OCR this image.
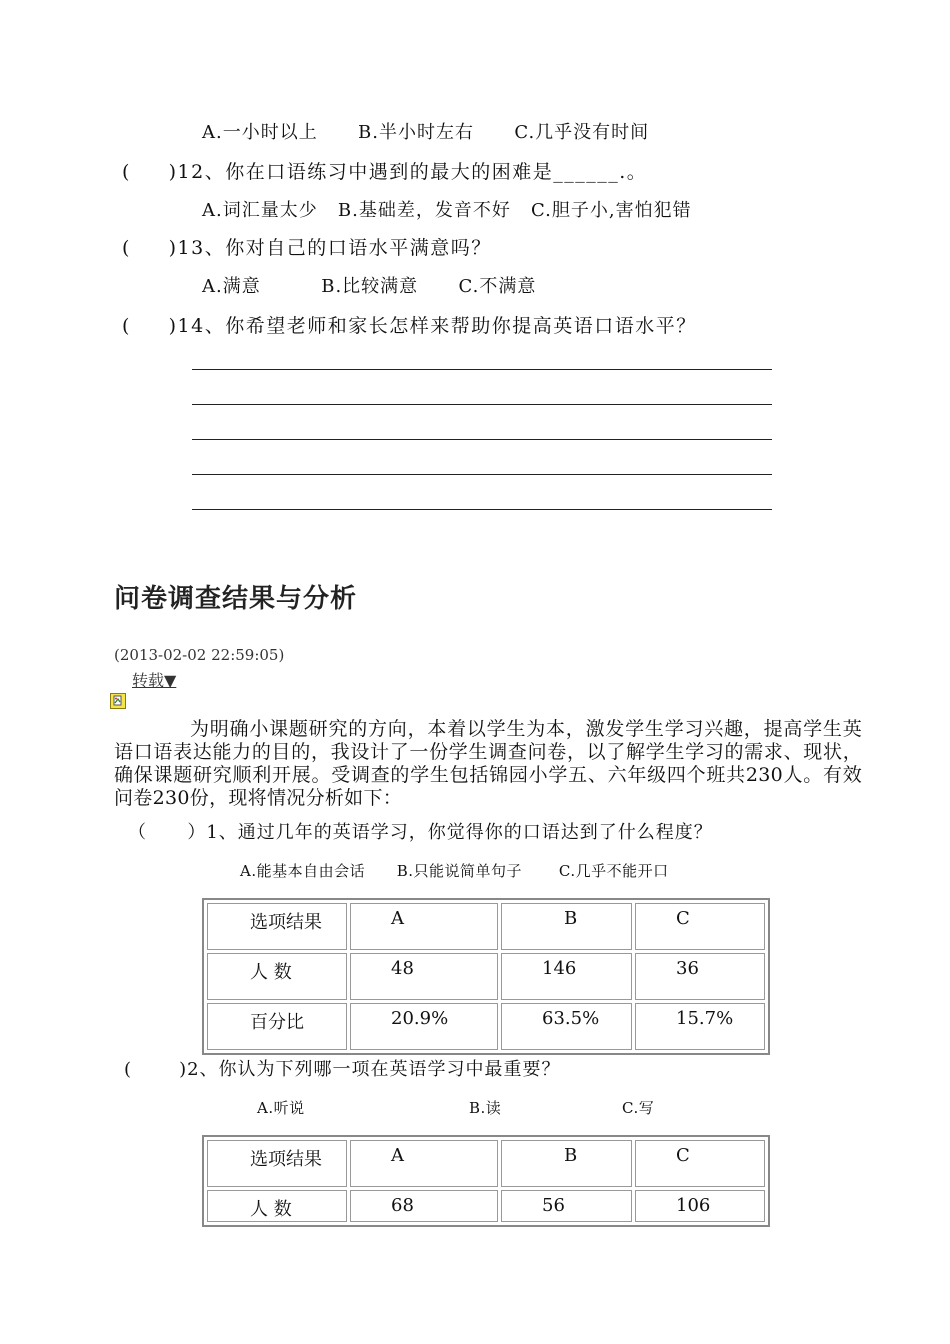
A.一小时以上      B.半小时左右      C.几乎没有时间
(     )12、你在口语练习中遇到的最大的困难是______.。
A.词汇量太少   B.基础差，发音不好   C.胆子小,害怕犯错
(     )13、你对自己的口语水平满意吗？
A.满意         B.比较满意      C.不满意
(     )14、你希望老师和家长怎样来帮助你提高英语口语水平？
问卷调查结果与分析
(2013-02-02 22:59:05)
转载▼
为明确小课题研究的方向，本着以学生为本，激发学生学习兴趣，提高学生英语口语表达能力的目的，我设计了一份学生调查问卷，以了解学生学习的需求、现状，确保课题研究顺利开展。受调查的学生包括锦园小学五、六年级四个班共230人。有效问卷230份，现将情况分析如下：
（      ）1、通过几年的英语学习，你觉得你的口语达到了什么程度？
A.能基本自由会话      B.只能说简单句子       C.几乎不能开口
选项结果	A	B	C
人 数	48	146	36
百分比	20.9%	63.5%	15.7%
(       )2、你认为下列哪一项在英语学习中最重要？
A.听说	B.读	C.写
选项结果	A	B	C
人 数	68	56	106
